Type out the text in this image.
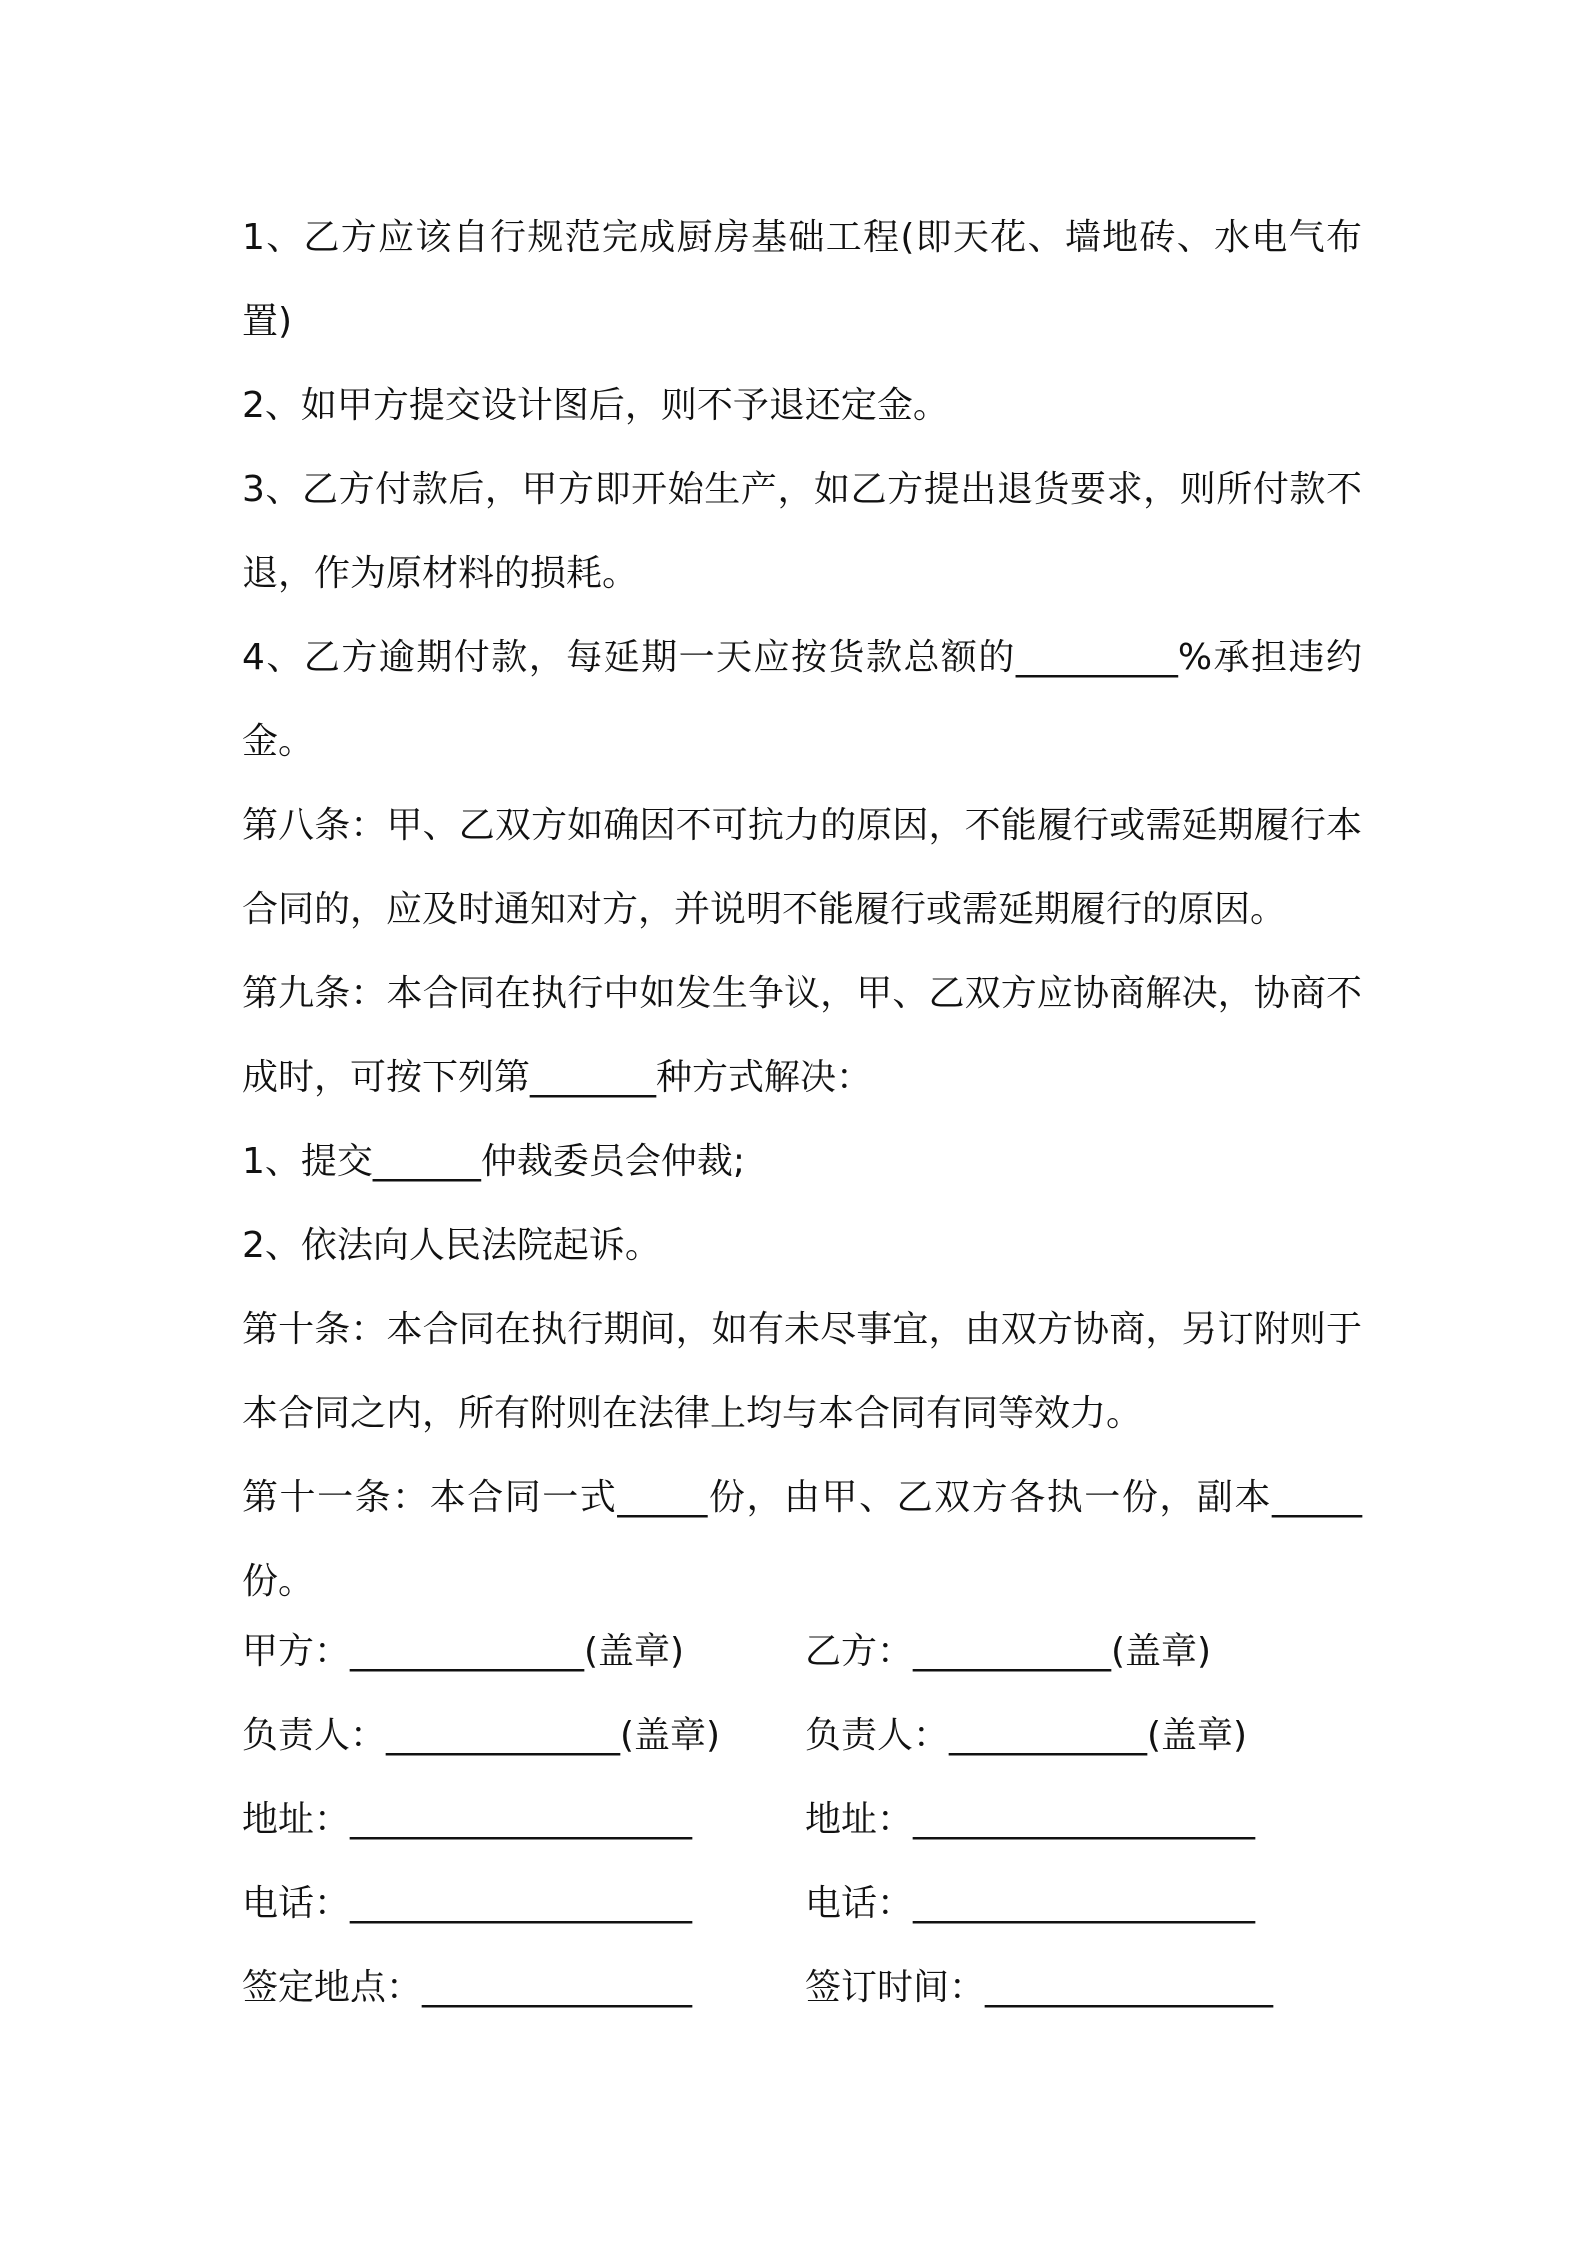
1、乙方应该自行规范完成厨房基础工程(即天花、墙地砖、水电气布置)

2、如甲方提交设计图后，则不予退还定金。

3、乙方付款后，甲方即开始生产，如乙方提出退货要求，则所付款不退，作为原材料的损耗。

4、乙方逾期付款，每延期一天应按货款总额的_________%承担违约金。

第八条：甲、乙双方如确因不可抗力的原因，不能履行或需延期履行本合同的，应及时通知对方，并说明不能履行或需延期履行的原因。

第九条：本合同在执行中如发生争议，甲、乙双方应协商解决，协商不成时，可按下列第_______种方式解决：

1、提交______仲裁委员会仲裁;

2、依法向人民法院起诉。

第十条：本合同在执行期间，如有未尽事宜，由双方协商，另订附则于本合同之内，所有附则在法律上均与本合同有同等效力。

第十一条：本合同一式_____份，由甲、乙双方各执一份，副本_____份。

甲方：_____________(盖章)	乙方：___________(盖章)
负责人：_____________(盖章) 负责人：___________(盖章)
地址：___________________	地址：___________________
电话：___________________	电话：___________________
签定地点：_______________	签订时间：________________
